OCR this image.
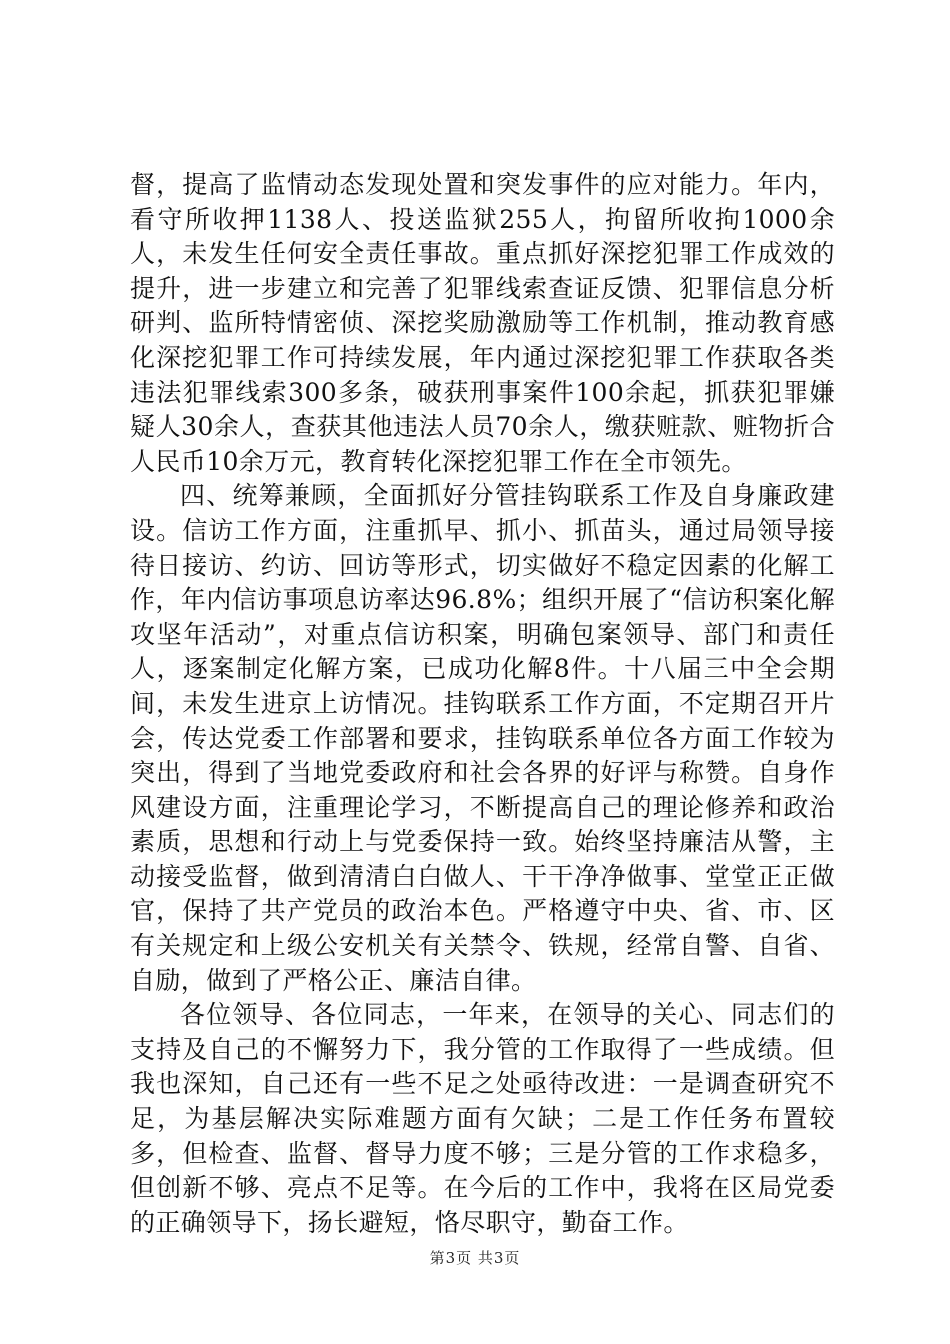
督，提高了监情动态发现处置和突发事件的应对能力。年内，看守所收押1138人、投送监狱255人，拘留所收拘1000余人，未发生任何安全责任事故。重点抓好深挖犯罪工作成效的提升，进一步建立和完善了犯罪线索查证反馈、犯罪信息分析研判、监所特情密侦、深挖奖励激励等工作机制，推动教育感化深挖犯罪工作可持续发展，年内通过深挖犯罪工作获取各类违法犯罪线索300多条，破获刑事案件100余起，抓获犯罪嫌疑人30余人，查获其他违法人员70余人，缴获赃款、赃物折合人民币10余万元，教育转化深挖犯罪工作在全市领先。

四、统筹兼顾，全面抓好分管挂钩联系工作及自身廉政建设。信访工作方面，注重抓早、抓小、抓苗头，通过局领导接待日接访、约访、回访等形式，切实做好不稳定因素的化解工作，年内信访事项息访率达96.8%；组织开展了“信访积案化解攻坚年活动”，对重点信访积案，明确包案领导、部门和责任人，逐案制定化解方案，已成功化解8件。十八届三中全会期间，未发生进京上访情况。挂钩联系工作方面，不定期召开片会，传达党委工作部署和要求，挂钩联系单位各方面工作较为突出，得到了当地党委政府和社会各界的好评与称赞。自身作风建设方面，注重理论学习，不断提高自己的理论修养和政治素质，思想和行动上与党委保持一致。始终坚持廉洁从警，主动接受监督，做到清清白白做人、干干净净做事、堂堂正正做官，保持了共产党员的政治本色。严格遵守中央、省、市、区有关规定和上级公安机关有关禁令、铁规，经常自警、自省、自励，做到了严格公正、廉洁自律。

各位领导、各位同志，一年来，在领导的关心、同志们的支持及自己的不懈努力下，我分管的工作取得了一些成绩。但我也深知，自己还有一些不足之处亟待改进：一是调查研究不足，为基层解决实际难题方面有欠缺；二是工作任务布置较多，但检查、监督、督导力度不够；三是分管的工作求稳多，但创新不够、亮点不足等。在今后的工作中，我将在区局党委的正确领导下，扬长避短，恪尽职守，勤奋工作。

第3页 共3页
